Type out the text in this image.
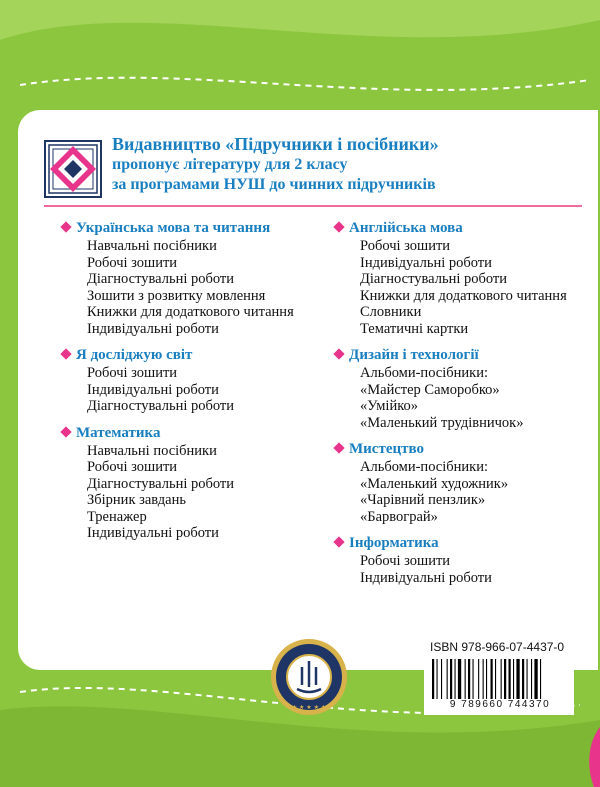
Видавництво «Підручники і посібники»
пропонує літературу для 2 класу
за програмами НУШ до чинних підручників
Українська мова та читання
Навчальні посібники
Робочі зошити
Діагностувальні роботи
Зошити з розвитку мовлення
Книжки для додаткового читання
Індивідуальні роботи
Я досліджую світ
Робочі зошити
Індивідуальні роботи
Діагностувальні роботи
Математика
Навчальні посібники
Робочі зошити
Діагностувальні роботи
Збірник завдань
Тренажер
Індивідуальні роботи
Англійська мова
Робочі зошити
Індивідуальні роботи
Діагностувальні роботи
Книжки для додаткового читання
Словники
Тематичні картки
Дизайн і технології
Альбоми-посібники:
«Майстер Саморобко»
«Умійко»
«Маленький трудівничок»
Мистецтво
Альбоми-посібники:
«Маленький художник»
«Чарівний пензлик»
«Барвограй»
Інформатика
Робочі зошити
Індивідуальні роботи
★ ★ ★ ★ ★
ISBN 978-966-07-4437-0
9 789660 744370
